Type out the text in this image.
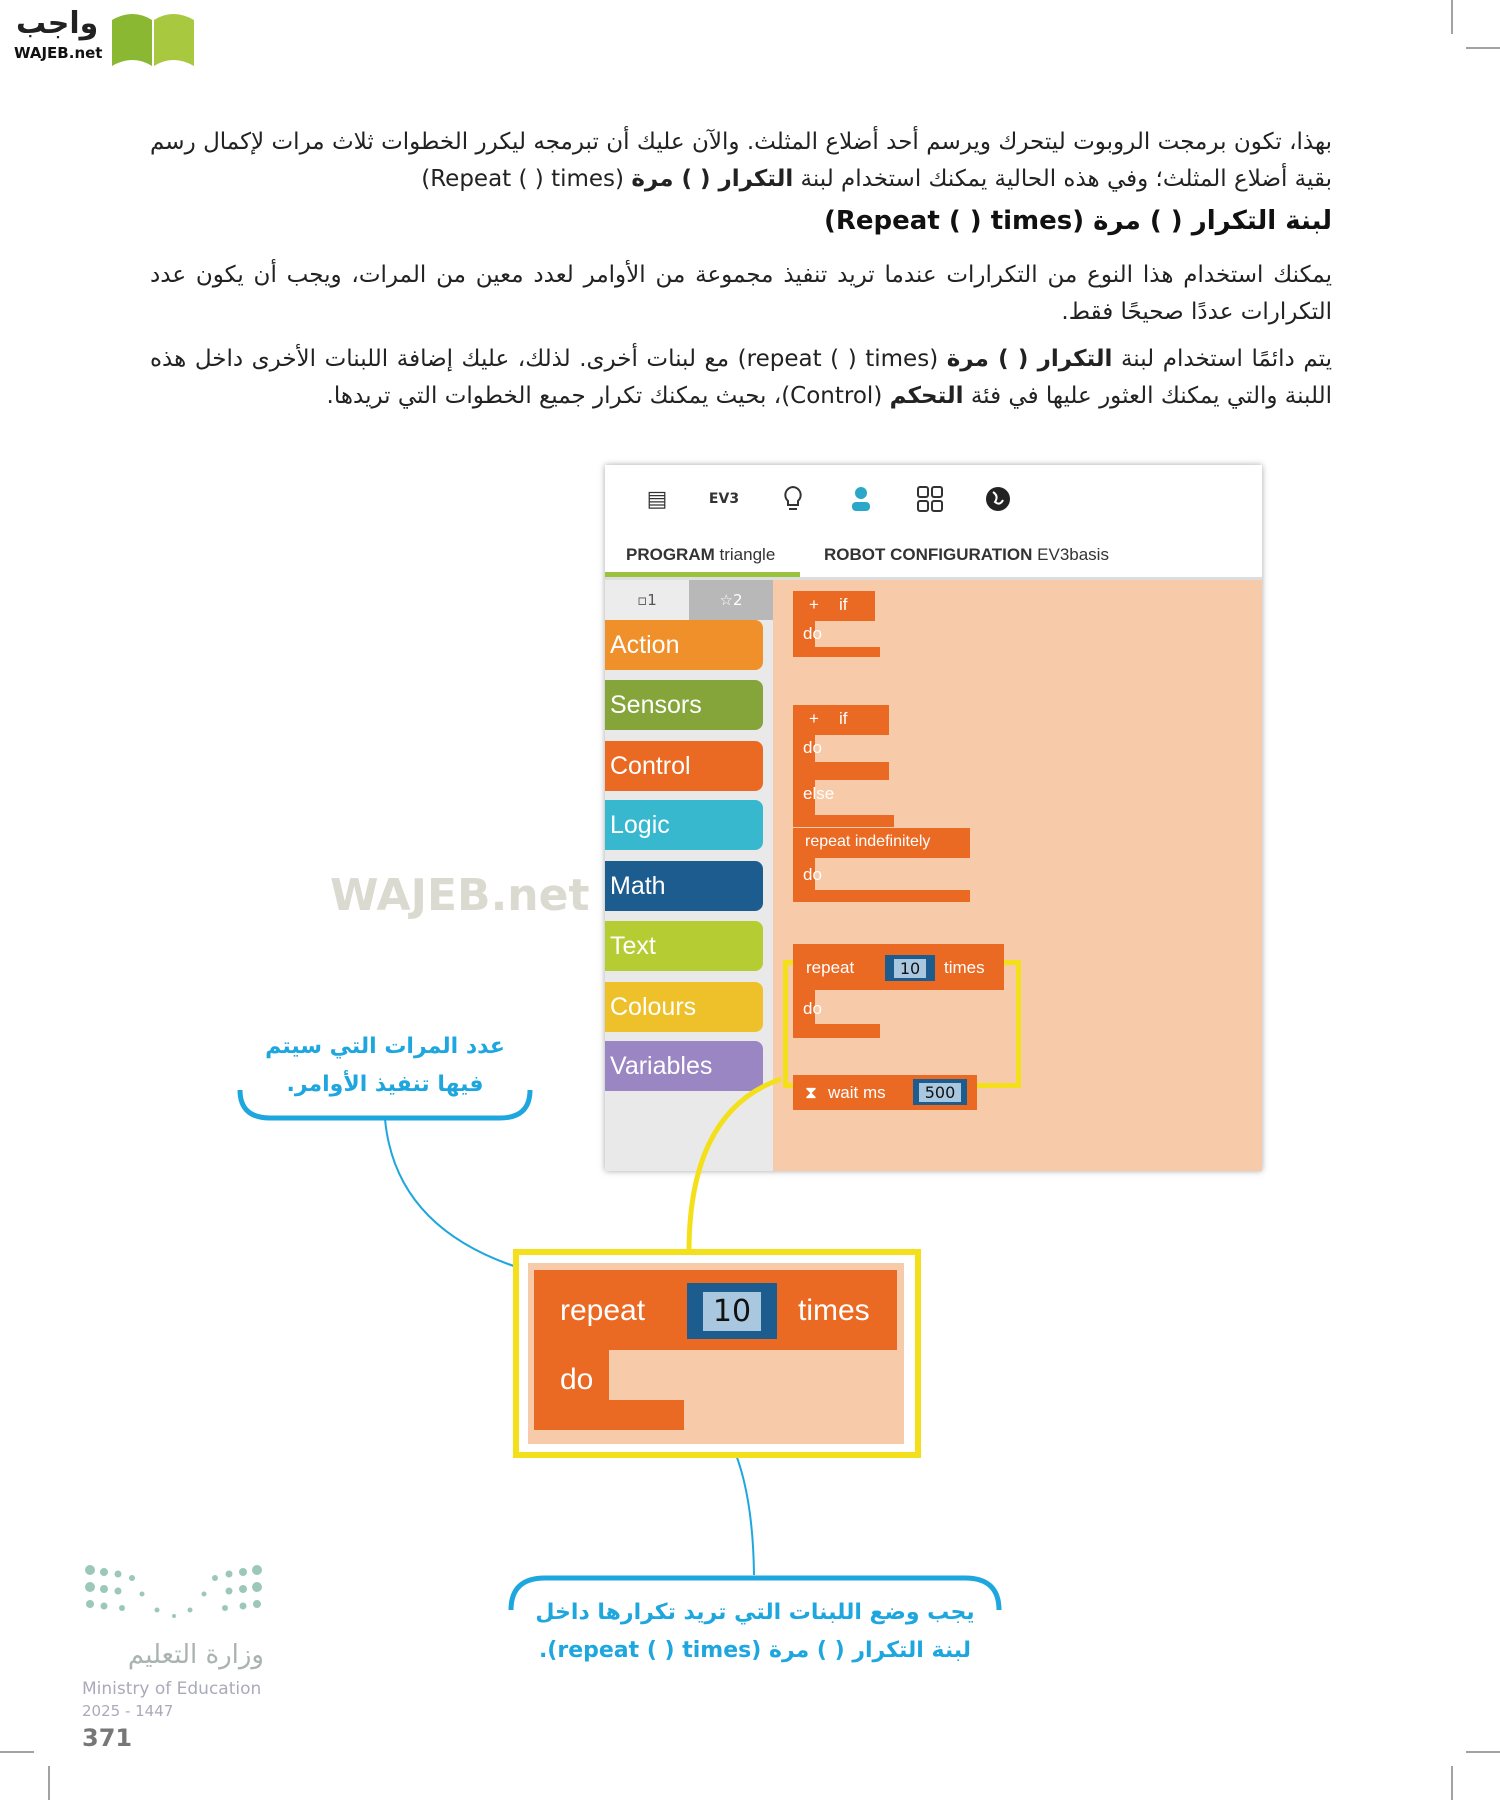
واجب
WAJEB.net
بهذا، تكون برمجت الروبوت ليتحرك ويرسم أحد أضلاع المثلث. والآن عليك أن تبرمجه ليكرر الخطوات ثلاث مرات لإكمال رسم بقية أضلاع المثلث؛ وفي هذه الحالية يمكنك استخدام لبنة التكرار ( ) مرة (Repeat ( ) times)
لبنة التكرار ( ) مرة (Repeat ( ) times)
يمكنك استخدام هذا النوع من التكرارات عندما تريد تنفيذ مجموعة من الأوامر لعدد معين من المرات، ويجب أن يكون عدد التكرارات عددًا صحيحًا فقط.
يتم دائمًا استخدام لبنة التكرار ( ) مرة (repeat ( ) times) مع لبنات أخرى. لذلك، عليك إضافة اللبنات الأخرى داخل هذه اللبنة والتي يمكنك العثور عليها في فئة التحكم (Control)، بحيث يمكنك تكرار جميع الخطوات التي تريدها.
▤	EV3
PROGRAM triangle	ROBOT CONFIGURATION EV3basis
▫1	☆2
Action
Sensors
Control
Logic
Math
Text
Colours
Variables
+ if
do
+ if
do
else
repeat indefinitely
do
repeat	10	times
do
⧗ wait ms	500
WAJEB.net
repeat	10	times
do
عدد المرات التي سيتم
فيها تنفيذ الأوامر.
يجب وضع اللبنات التي تريد تكرارها داخل
لبنة التكرار ( ) مرة (repeat ( ) times).
وزارة التعليم
Ministry of Education
2025 - 1447
371
